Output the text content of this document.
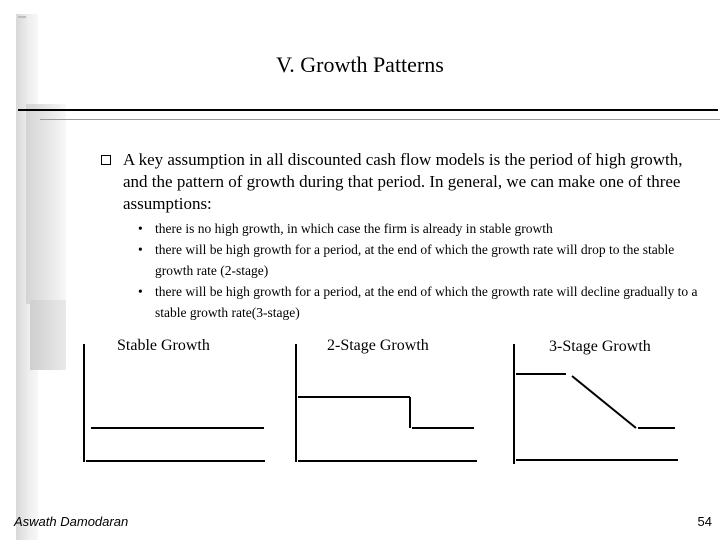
V. Growth Patterns
A key assumption in all discounted cash flow models is the period of high growth, and the pattern of growth during that period. In general, we can make one of three assumptions:
• there is no high growth, in which case the firm is already in stable growth
• there will be high growth for a period, at the end of which the growth rate will drop to the stable growth rate (2-stage)
• there will be high growth for a period, at the end of which the growth rate will decline gradually to a stable growth rate(3-stage)
Stable Growth	2-Stage Growth	3-Stage Growth
Aswath Damodaran	54
